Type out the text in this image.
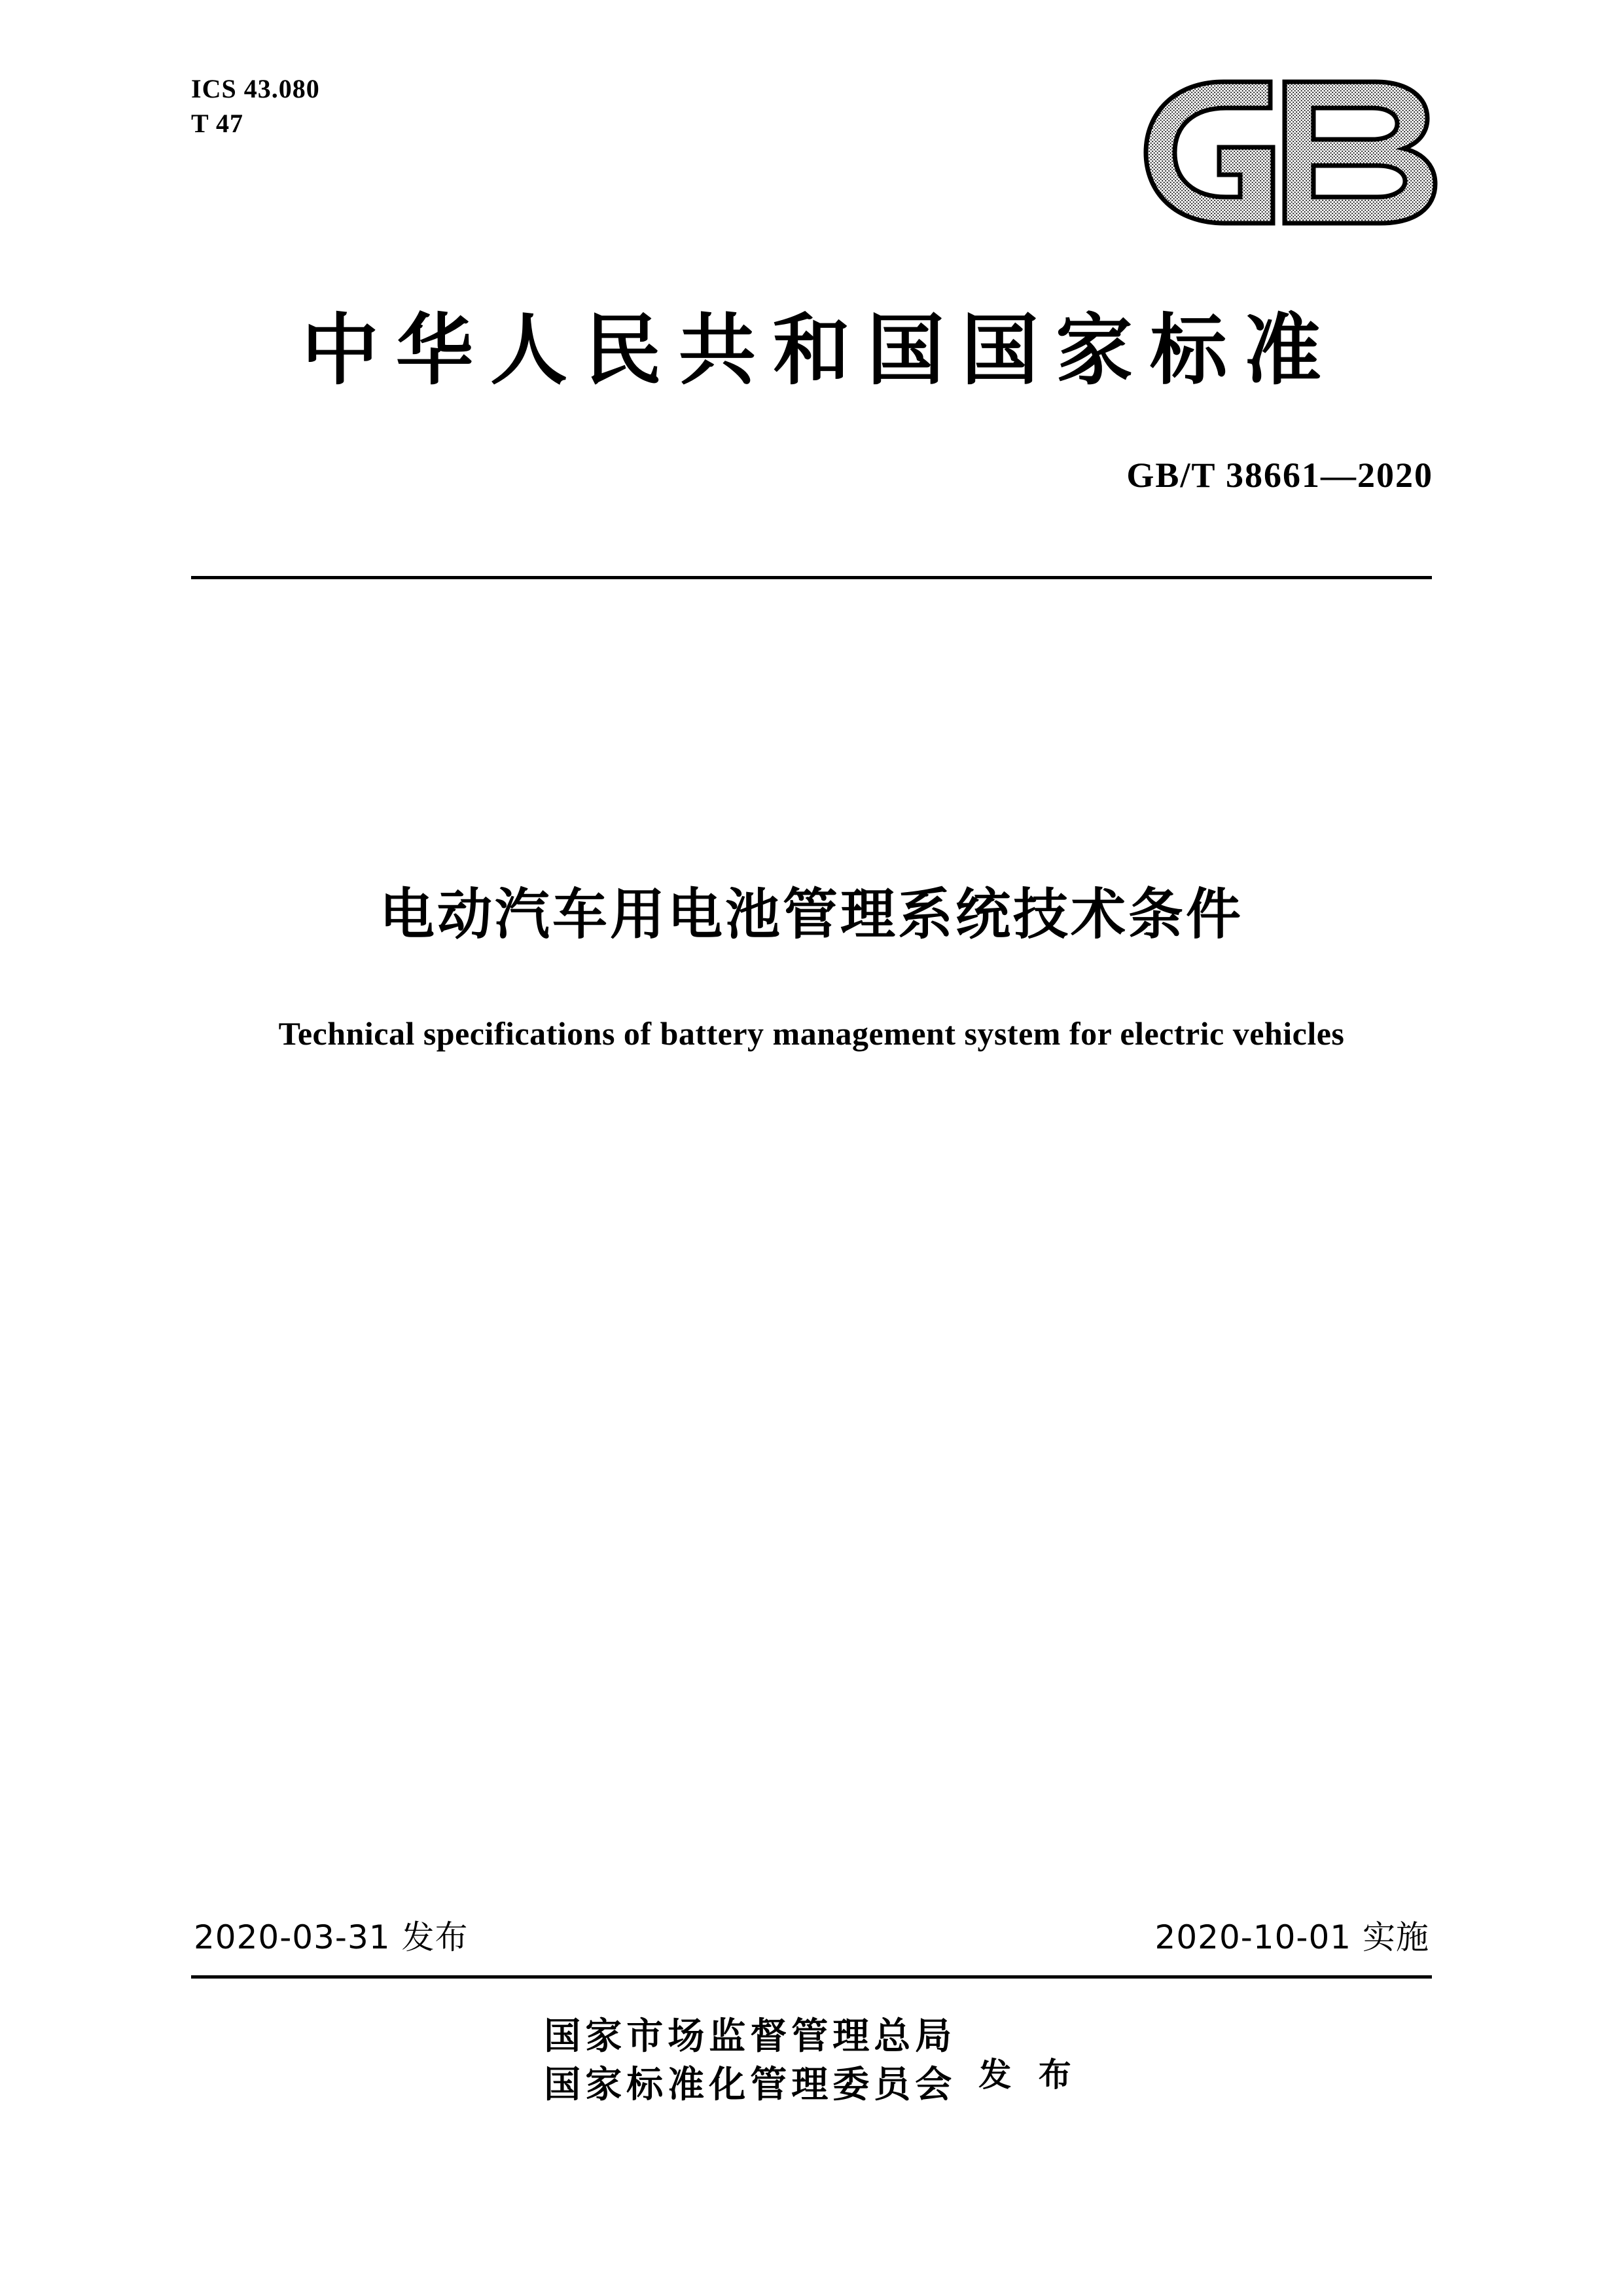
ICS 43.080
T 47
中华人民共和国国家标准
GB/T 38661—2020
电动汽车用电池管理系统技术条件
Technical specifications of battery management system for electric vehicles
2020-03-31 发布	2020-10-01 实施
国家市场监督管理总局
国家标准化管理委员会 发 布
